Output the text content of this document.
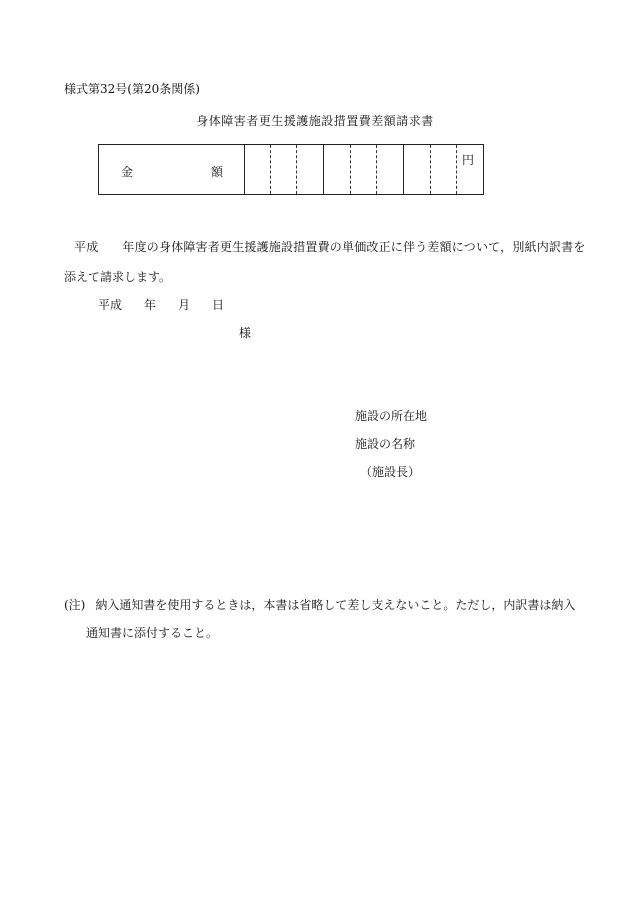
様式第32号(第20条関係)
身体障害者更生援護施設措置費差額請求書
金	額
円
平成 年度の身体障害者更生援護施設措置費の単価改正に伴う差額について，別紙内訳書を
添えて請求します。
平成 年 月 日
様
施設の所在地
施設の名称
（施設長）
(注) 納入通知書を使用するときは，本書は省略して差し支えないこと。ただし，内訳書は納入
通知書に添付すること。
